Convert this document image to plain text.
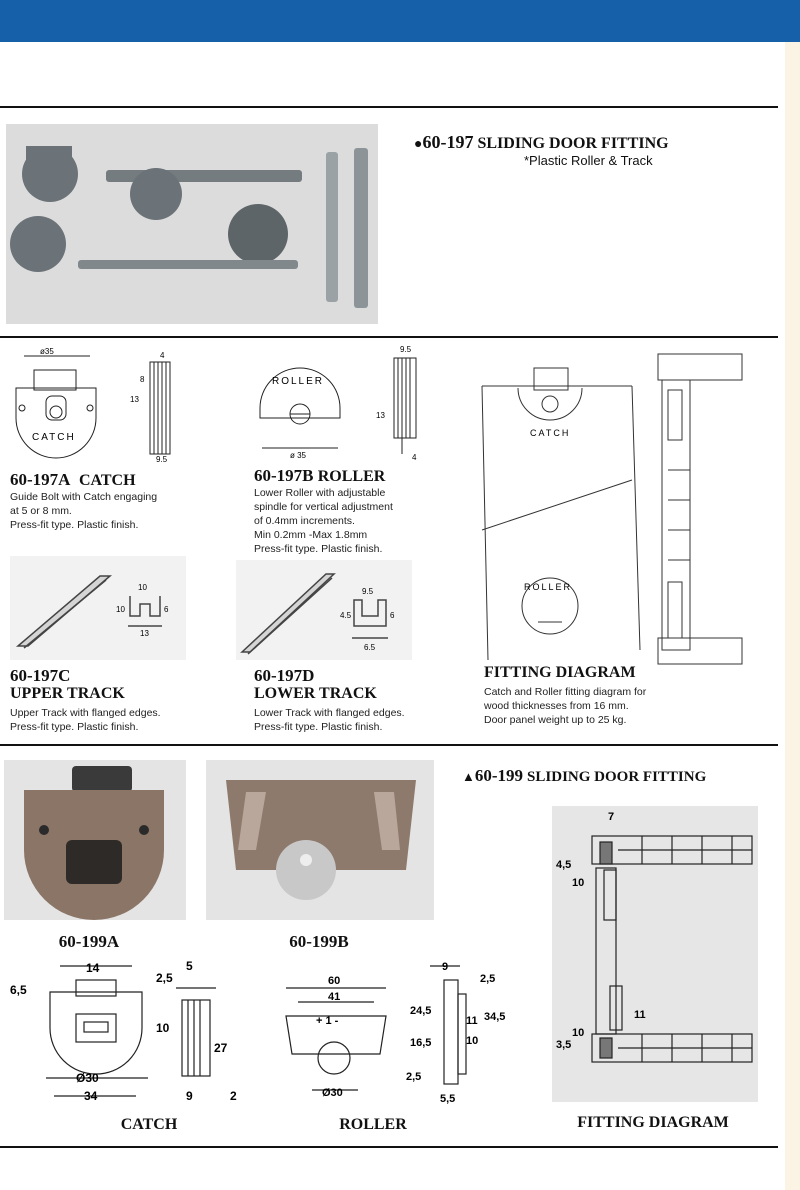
●60-197 SLIDING DOOR FITTING
*Plastic Roller & Track
ø35	4
8
13
9.5
CATCH
60-197A CATCH
Guide Bolt with Catch engaging
at 5 or 8 mm.
Press-fit type. Plastic finish.
ROLLER
ø 35
9.5
13
4
60-197B ROLLER
Lower Roller with adjustable
spindle for vertical adjustment
of 0.4mm increments.
Min 0.2mm -Max 1.8mm
Press-fit type. Plastic finish.
10
10	6
13
60-197C
UPPER TRACK
Upper Track with flanged edges.
Press-fit type. Plastic finish.
9.5
4.5	6
6.5
60-197D
LOWER TRACK
Lower Track with flanged edges.
Press-fit type. Plastic finish.
CATCH
ROLLER
FITTING DIAGRAM
Catch and Roller fitting diagram for
wood thicknesses from 16 mm.
Door panel weight up to 25 kg.
▲60-199 SLIDING DOOR FITTING
60-199A	60-199B
14
6,5
Ø30
34
2,5
5
10
27
9	2
60
41
+ 1 -
Ø30
9
2,5
24,5
11 34,5
16,5	10
2,5
5,5
7
4,5
10
11
10
3,5
CATCH	ROLLER	FITTING DIAGRAM
